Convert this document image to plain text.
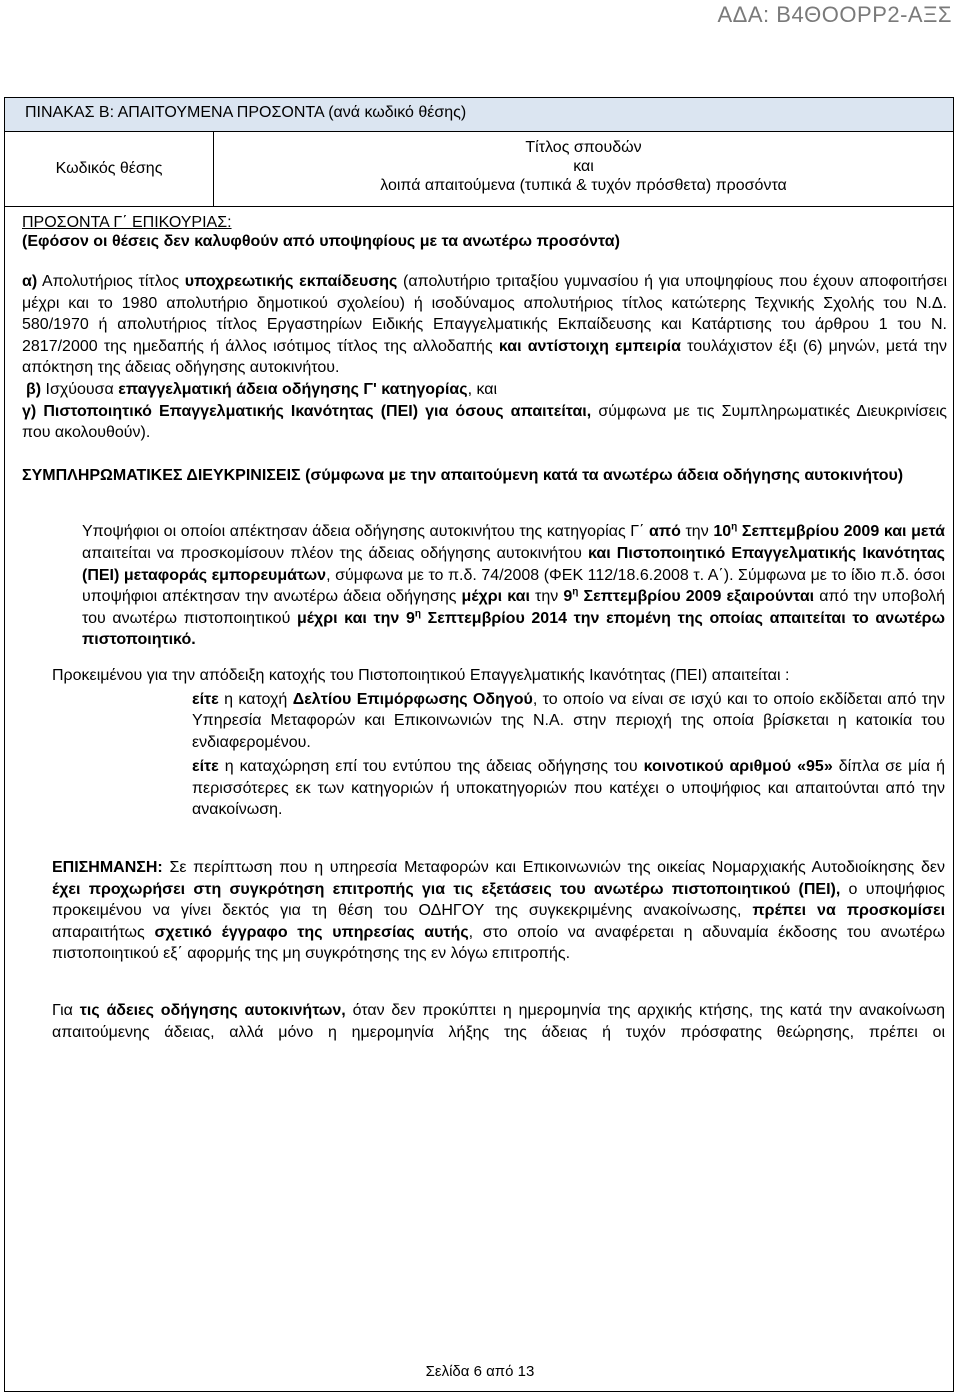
ΑΔΑ: Β4ΘΟΟΡΡ2-ΑΞΣ
ΠΙΝΑΚΑΣ Β: ΑΠΑΙΤΟΥΜΕΝΑ ΠΡΟΣΟΝΤΑ (ανά κωδικό θέσης)
Κωδικός θέσης	
Τίτλος σπουδών
και
λοιπά απαιτούμενα (τυπικά & τυχόν πρόσθετα) προσόντα

ΠΡΟΣΟΝΤΑ Γ΄ ΕΠΙΚΟΥΡΙΑΣ:
(Εφόσον οι θέσεις δεν καλυφθούν από υποψηφίους με τα ανωτέρω προσόντα)
α) Απολυτήριος τίτλος υποχρεωτικής εκπαίδευσης (απολυτήριο τριταξίου γυμνασίου ή για υποψηφίους που έχουν αποφοιτήσει μέχρι και το 1980 απολυτήριο δημοτικού σχολείου) ή ισοδύναμος απολυτήριος τίτλος κατώτερης Τεχνικής Σχολής του Ν.Δ. 580/1970 ή απολυτήριος τίτλος Εργαστηρίων Ειδικής Επαγγελματικής Εκπαίδευσης και Κατάρτισης του άρθρου 1 του Ν. 2817/2000 της ημεδαπής ή άλλος ισότιμος τίτλος της αλλοδαπής και αντίστοιχη εμπειρία τουλάχιστον έξι (6) μηνών, μετά την απόκτηση της άδειας οδήγησης αυτοκινήτου.
β) Ισχύουσα επαγγελματική άδεια οδήγησης Γ' κατηγορίας, και
γ) Πιστοποιητικό Επαγγελματικής Ικανότητας (ΠΕΙ) για όσους απαιτείται, σύμφωνα με τις Συμπληρωματικές Διευκρινίσεις που ακολουθούν).
ΣΥΜΠΛΗΡΩΜΑΤΙΚΕΣ ΔΙΕΥΚΡΙΝΙΣΕΙΣ (σύμφωνα με την απαιτούμενη κατά τα ανωτέρω άδεια οδήγησης αυτοκινήτου)
Υποψήφιοι οι οποίοι απέκτησαν άδεια οδήγησης αυτοκινήτου της κατηγορίας Γ΄ από την $10^\eta$ Σεπτεμβρίου 2009 και μετά απαιτείται να προσκομίσουν πλέον της άδειας οδήγησης αυτοκινήτου και Πιστοποιητικό Επαγγελματικής Ικανότητας (ΠΕΙ) μεταφοράς εμπορευμάτων, σύμφωνα με το π.δ. 74/2008 (ΦΕΚ 112/18.6.2008 τ. Α΄). Σύμφωνα με το ίδιο π.δ. όσοι υποψήφιοι απέκτησαν την ανωτέρω άδεια οδήγησης μέχρι και την $9^\eta$ Σεπτεμβρίου 2009 εξαιρούνται από την υποβολή του ανωτέρω πιστοποιητικού μέχρι και την $9^\eta$ Σεπτεμβρίου 2014 την επομένη της οποίας απαιτείται το ανωτέρω πιστοποιητικό.
Προκειμένου για την απόδειξη κατοχής του Πιστοποιητικού Επαγγελματικής Ικανότητας (ΠΕΙ) απαιτείται :
είτε η κατοχή Δελτίου Επιμόρφωσης Οδηγού, το οποίο να είναι σε ισχύ και το οποίο εκδίδεται από την Υπηρεσία Μεταφορών και Επικοινωνιών της Ν.Α. στην περιοχή της οποία βρίσκεται η κατοικία του ενδιαφερομένου.
είτε η καταχώρηση επί του εντύπου της άδειας οδήγησης του κοινοτικού αριθμού «95» δίπλα σε μία ή περισσότερες εκ των κατηγοριών ή υποκατηγοριών που κατέχει ο υποψήφιος και απαιτούνται από την ανακοίνωση.
ΕΠΙΣΗΜΑΝΣΗ: Σε περίπτωση που η υπηρεσία Μεταφορών και Επικοινωνιών της οικείας Νομαρχιακής Αυτοδιοίκησης δεν έχει προχωρήσει στη συγκρότηση επιτροπής για τις εξετάσεις του ανωτέρω πιστοποιητικού (ΠΕΙ), ο υποψήφιος προκειμένου να γίνει δεκτός για τη θέση του ΟΔΗΓΟΥ της συγκεκριμένης ανακοίνωσης, πρέπει να προσκομίσει απαραιτήτως σχετικό έγγραφο της υπηρεσίας αυτής, στο οποίο να αναφέρεται η αδυναμία έκδοσης του ανωτέρω πιστοποιητικού εξ΄ αφορμής της μη συγκρότησης της εν λόγω επιτροπής.
Για τις άδειες οδήγησης αυτοκινήτων, όταν δεν προκύπτει η ημερομηνία της αρχικής κτήσης, της κατά την ανακοίνωση απαιτούμενης άδειας, αλλά μόνο η ημερομηνία λήξης της άδειας ή τυχόν πρόσφατης θεώρησης, πρέπει οι
Σελίδα 6 από 13
